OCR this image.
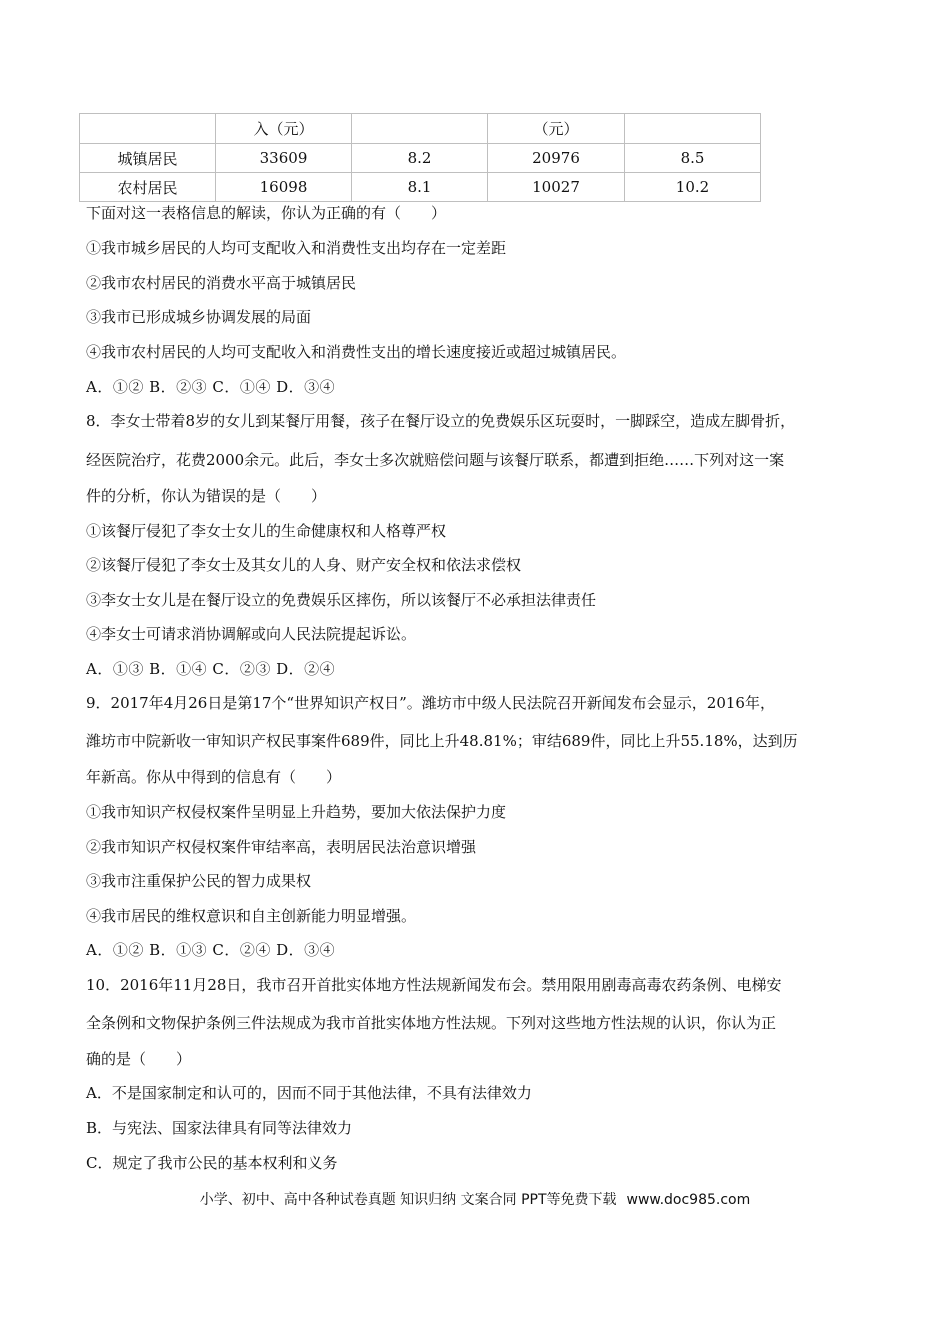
	入（元）		（元）	
城镇居民	33609	8.2	20976	8.5
农村居民	16098	8.1	10027	10.2
下面对这一表格信息的解读，你认为正确的有（　　）
①我市城乡居民的人均可支配收入和消费性支出均存在一定差距
②我市农村居民的消费水平高于城镇居民
③我市已形成城乡协调发展的局面
④我市农村居民的人均可支配收入和消费性支出的增长速度接近或超过城镇居民。
A．①② B．②③ C．①④ D．③④
8．李女士带着8岁的女儿到某餐厅用餐，孩子在餐厅设立的免费娱乐区玩耍时，一脚踩空，造成左脚骨折，
经医院治疗，花费2000余元。此后，李女士多次就赔偿问题与该餐厅联系，都遭到拒绝……下列对这一案
件的分析，你认为错误的是（　　）
①该餐厅侵犯了李女士女儿的生命健康权和人格尊严权
②该餐厅侵犯了李女士及其女儿的人身、财产安全权和依法求偿权
③李女士女儿是在餐厅设立的免费娱乐区摔伤，所以该餐厅不必承担法律责任
④李女士可请求消协调解或向人民法院提起诉讼。
A．①③ B．①④ C．②③ D．②④
9．2017年4月26日是第17个“世界知识产权日”。潍坊市中级人民法院召开新闻发布会显示，2016年，
潍坊市中院新收一审知识产权民事案件689件，同比上升48.81%；审结689件，同比上升55.18%，达到历
年新高。你从中得到的信息有（　　）
①我市知识产权侵权案件呈明显上升趋势，要加大依法保护力度
②我市知识产权侵权案件审结率高，表明居民法治意识增强
③我市注重保护公民的智力成果权
④我市居民的维权意识和自主创新能力明显增强。
A．①② B．①③ C．②④ D．③④
10．2016年11月28日，我市召开首批实体地方性法规新闻发布会。禁用限用剧毒高毒农药条例、电梯安
全条例和文物保护条例三件法规成为我市首批实体地方性法规。下列对这些地方性法规的认识，你认为正
确的是（　　）
A．不是国家制定和认可的，因而不同于其他法律，不具有法律效力
B．与宪法、国家法律具有同等法律效力
C．规定了我市公民的基本权利和义务
小学、初中、高中各种试卷真题 知识归纳 文案合同 PPT等免费下载 www.doc985.com
